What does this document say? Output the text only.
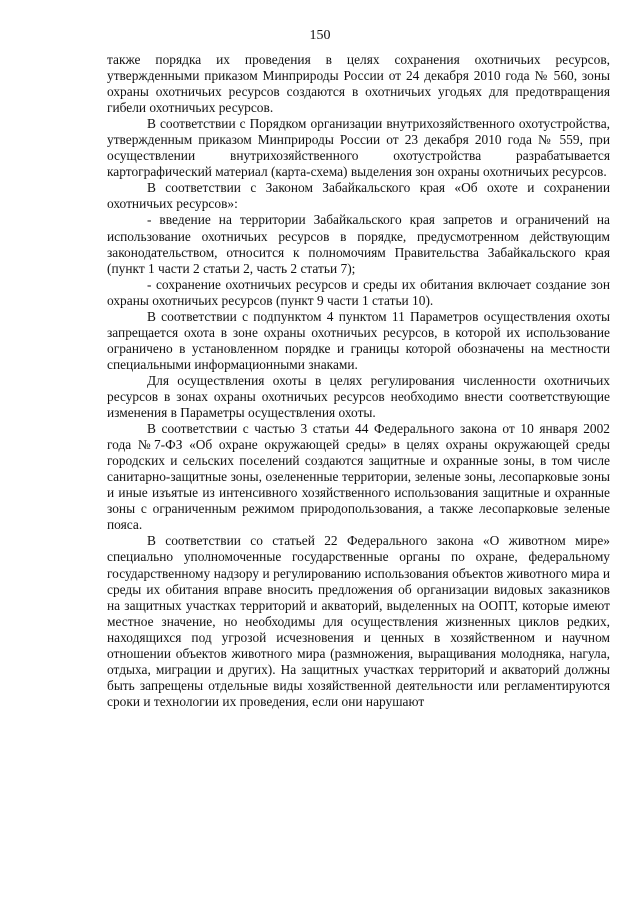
150

также порядка их проведения в целях сохранения охотничьих ресурсов, утвержденными приказом Минприроды России от 24 декабря 2010 года № 560, зоны охраны охотничьих ресурсов создаются в охотничьих угодьях для предотвращения гибели охотничьих ресурсов.

В соответствии с Порядком организации внутрихозяйственного охотустройства, утвержденным приказом Минприроды России от 23 декабря 2010 года № 559, при осуществлении внутрихозяйственного охотустройства разрабатывается картографический материал (карта-схема) выделения зон охраны охотничьих ресурсов.

В соответствии с Законом Забайкальского края «Об охоте и сохранении охотничьих ресурсов»:

- введение на территории Забайкальского края запретов и ограничений на использование охотничьих ресурсов в порядке, предусмотренном действующим законодательством, относится к полномочиям Правительства Забайкальского края (пункт 1 части 2 статьи 2, часть 2 статьи 7);

- сохранение охотничьих ресурсов и среды их обитания включает создание зон охраны охотничьих ресурсов (пункт 9 части 1 статьи 10).

В соответствии с подпунктом 4 пунктом 11 Параметров осуществления охоты запрещается охота в зоне охраны охотничьих ресурсов, в которой их использование ограничено в установленном порядке и границы которой обозначены на местности специальными информационными знаками.

Для осуществления охоты в целях регулирования численности охотничьих ресурсов в зонах охраны охотничьих ресурсов необходимо внести соответствующие изменения в Параметры осуществления охоты.

В соответствии с частью 3 статьи 44 Федерального закона от 10 января 2002 года №7-ФЗ «Об охране окружающей среды» в целях охраны окружающей среды городских и сельских поселений создаются защитные и охранные зоны, в том числе санитарно-защитные зоны, озелененные территории, зеленые зоны, лесопарковые зоны и иные изъятые из интенсивного хозяйственного использования защитные и охранные зоны с ограниченным режимом природопользования, а также лесопарковые зеленые пояса.

В соответствии со статьей 22 Федерального закона «О животном мире» специально уполномоченные государственные органы по охране, федеральному государственному надзору и регулированию использования объектов животного мира и среды их обитания вправе вносить предложения об организации видовых заказников на защитных участках территорий и акваторий, выделенных на ООПТ, которые имеют местное значение, но необходимы для осуществления жизненных циклов редких, находящихся под угрозой исчезновения и ценных в хозяйственном и научном отношении объектов животного мира (размножения, выращивания молодняка, нагула, отдыха, миграции и других). На защитных участках территорий и акваторий должны быть запрещены отдельные виды хозяйственной деятельности или регламентируются сроки и технологии их проведения, если они нарушают
